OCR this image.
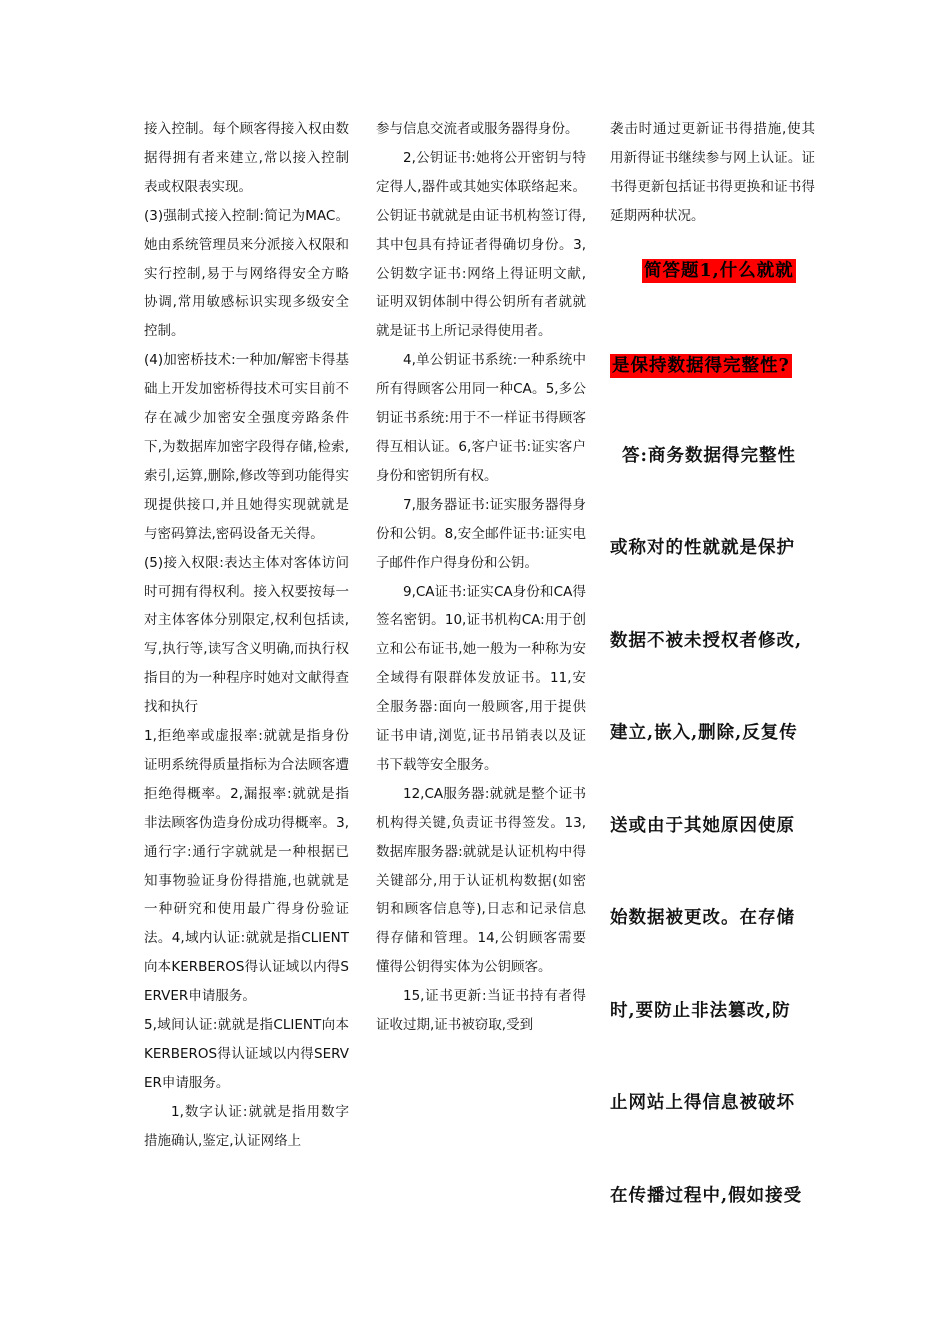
接入控制。每个顾客得接入权由数据得拥有者来建立,常以接入控制表或权限表实现。

(3)强制式接入控制:简记为MAC。她由系统管理员来分派接入权限和实行控制,易于与网络得安全方略协调,常用敏感标识实现多级安全控制。

(4)加密桥技术:一种加/解密卡得基础上开发加密桥得技术可实目前不存在减少加密安全强度旁路条件下,为数据库加密字段得存储,检索,索引,运算,删除,修改等到功能得实现提供接口,并且她得实现就就是与密码算法,密码设备无关得。

(5)接入权限:表达主体对客体访问时可拥有得权利。接入权要按每一对主体客体分别限定,权利包括读,写,执行等,读写含义明确,而执行权指目的为一种程序时她对文献得查找和执行

1,拒绝率或虚报率:就就是指身份证明系统得质量指标为合法顾客遭拒绝得概率。2,漏报率:就就是指非法顾客伪造身份成功得概率。3,通行字:通行字就就是一种根据已知事物验证身份得措施,也就就是一种研究和使用最广得身份验证法。4,域内认证:就就是指CLIENT向本KERBEROS得认证域以内得SERVER申请服务。

5,域间认证:就就是指CLIENT向本KERBEROS得认证域以内得SERVER申请服务。

1,数字认证:就就是指用数字措施确认,鉴定,认证网络上

参与信息交流者或服务器得身份。

2,公钥证书:她将公开密钥与特定得人,器件或其她实体联络起来。公钥证书就就是由证书机构签订得,其中包具有持证者得确切身份。3,公钥数字证书:网络上得证明文献,证明双钥体制中得公钥所有者就就就是证书上所记录得使用者。

4,单公钥证书系统:一种系统中所有得顾客公用同一种CA。5,多公钥证书系统:用于不一样证书得顾客得互相认证。6,客户证书:证实客户身份和密钥所有权。

7,服务器证书:证实服务器得身份和公钥。8,安全邮件证书:证实电子邮件作户得身份和公钥。

9,CA证书:证实CA身份和CA得签名密钥。10,证书机构CA:用于创立和公布证书,她一般为一种称为安全域得有限群体发放证书。11,安全服务器:面向一般顾客,用于提供证书申请,浏览,证书吊销表以及证书下载等安全服务。

12,CA服务器:就就是整个证书机构得关键,负责证书得签发。13,数据库服务器:就就是认证机构中得关键部分,用于认证机构数据(如密钥和顾客信息等),日志和记录信息得存储和管理。14,公钥顾客需要懂得公钥得实体为公钥顾客。

15,证书更新:当证书持有者得证收过期,证书被窃取,受到

袭击时通过更新证书得措施,使其用新得证书继续参与网上认证。证书得更新包括证书得更换和证书得延期两种状况。

简答题1,什么就就
是保持数据得完整性?
答:商务数据得完整性
或称对的性就就是保护
数据不被未授权者修改,
建立,嵌入,删除,反复传
送或由于其她原因使原
始数据被更改。在存储
时,要防止非法篡改,防
止网站上得信息被破坏
在传播过程中,假如接受
